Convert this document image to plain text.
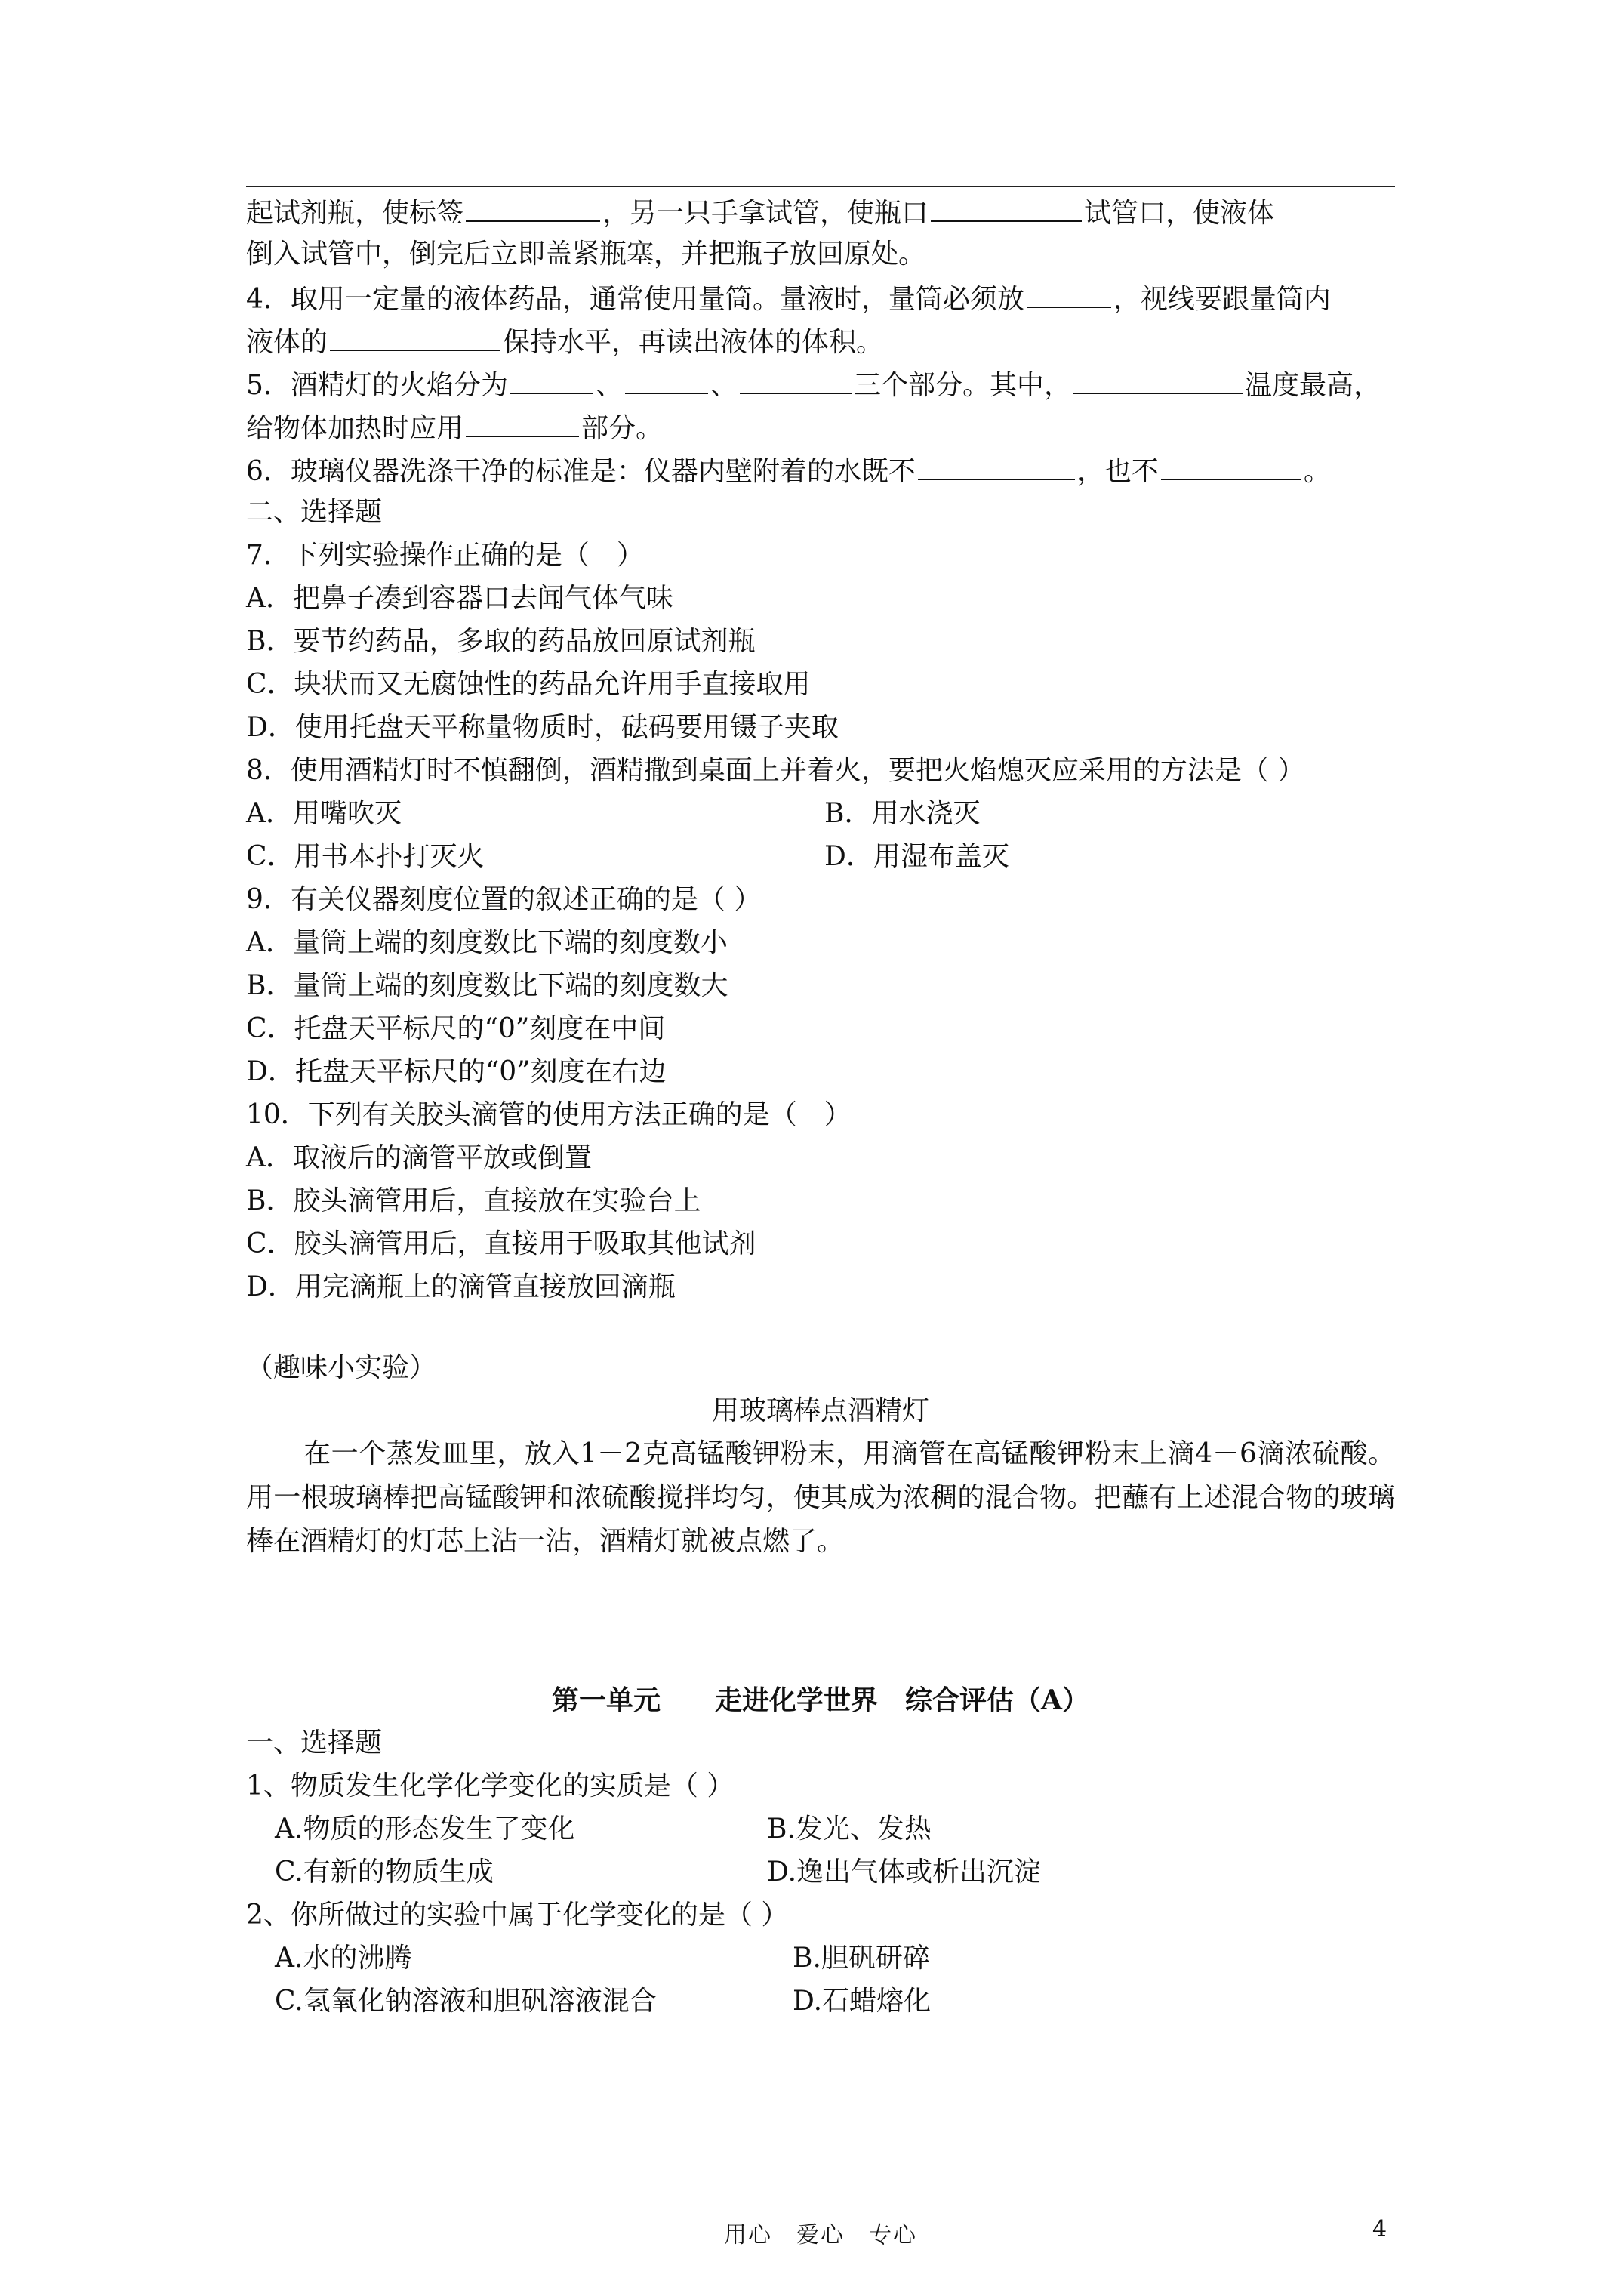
起试剂瓶，使标签	，另一只手拿试管，使瓶口	试管口，使液体
倒入试管中，倒完后立即盖紧瓶塞，并把瓶子放回原处。
4．取用一定量的液体药品，通常使用量筒。量液时，量筒必须放	，视线要跟量筒内
液体的	保持水平，再读出液体的体积。
5．酒精灯的火焰分为	、	、	三个部分。其中，	温度最高，
给物体加热时应用	部分。
6．玻璃仪器洗涤干净的标准是：仪器内壁附着的水既不	，也不	。
二、选择题
7．下列实验操作正确的是（　）
A．把鼻子凑到容器口去闻气体气味
B．要节约药品，多取的药品放回原试剂瓶
C．块状而又无腐蚀性的药品允许用手直接取用
D．使用托盘天平称量物质时，砝码要用镊子夹取
8．使用酒精灯时不慎翻倒，酒精撒到桌面上并着火，要把火焰熄灭应采用的方法是（ ）
A．用嘴吹灭	B．用水浇灭
C．用书本扑打灭火	D．用湿布盖灭
9．有关仪器刻度位置的叙述正确的是（ ）
A．量筒上端的刻度数比下端的刻度数小
B．量筒上端的刻度数比下端的刻度数大
C．托盘天平标尺的“0”刻度在中间
D．托盘天平标尺的“0”刻度在右边
10．下列有关胶头滴管的使用方法正确的是（　）
A．取液后的滴管平放或倒置
B．胶头滴管用后，直接放在实验台上
C．胶头滴管用后，直接用于吸取其他试剂
D．用完滴瓶上的滴管直接放回滴瓶
（趣味小实验）
用玻璃棒点酒精灯
在一个蒸发皿里，放入1－2克高锰酸钾粉末，用滴管在高锰酸钾粉末上滴4－6滴浓硫酸。用一根玻璃棒把高锰酸钾和浓硫酸搅拌均匀，使其成为浓稠的混合物。把蘸有上述混合物的玻璃棒在酒精灯的灯芯上沾一沾，酒精灯就被点燃了。
第一单元　　走进化学世界　综合评估（A）
一、选择题
1、物质发生化学化学变化的实质是（ ）
A.物质的形态发生了变化	B.发光、发热
C.有新的物质生成	D.逸出气体或析出沉淀
2、你所做过的实验中属于化学变化的是（ ）
A.水的沸腾	B.胆矾研碎
C.氢氧化钠溶液和胆矾溶液混合	D.石蜡熔化
用心　爱心　专心	4
